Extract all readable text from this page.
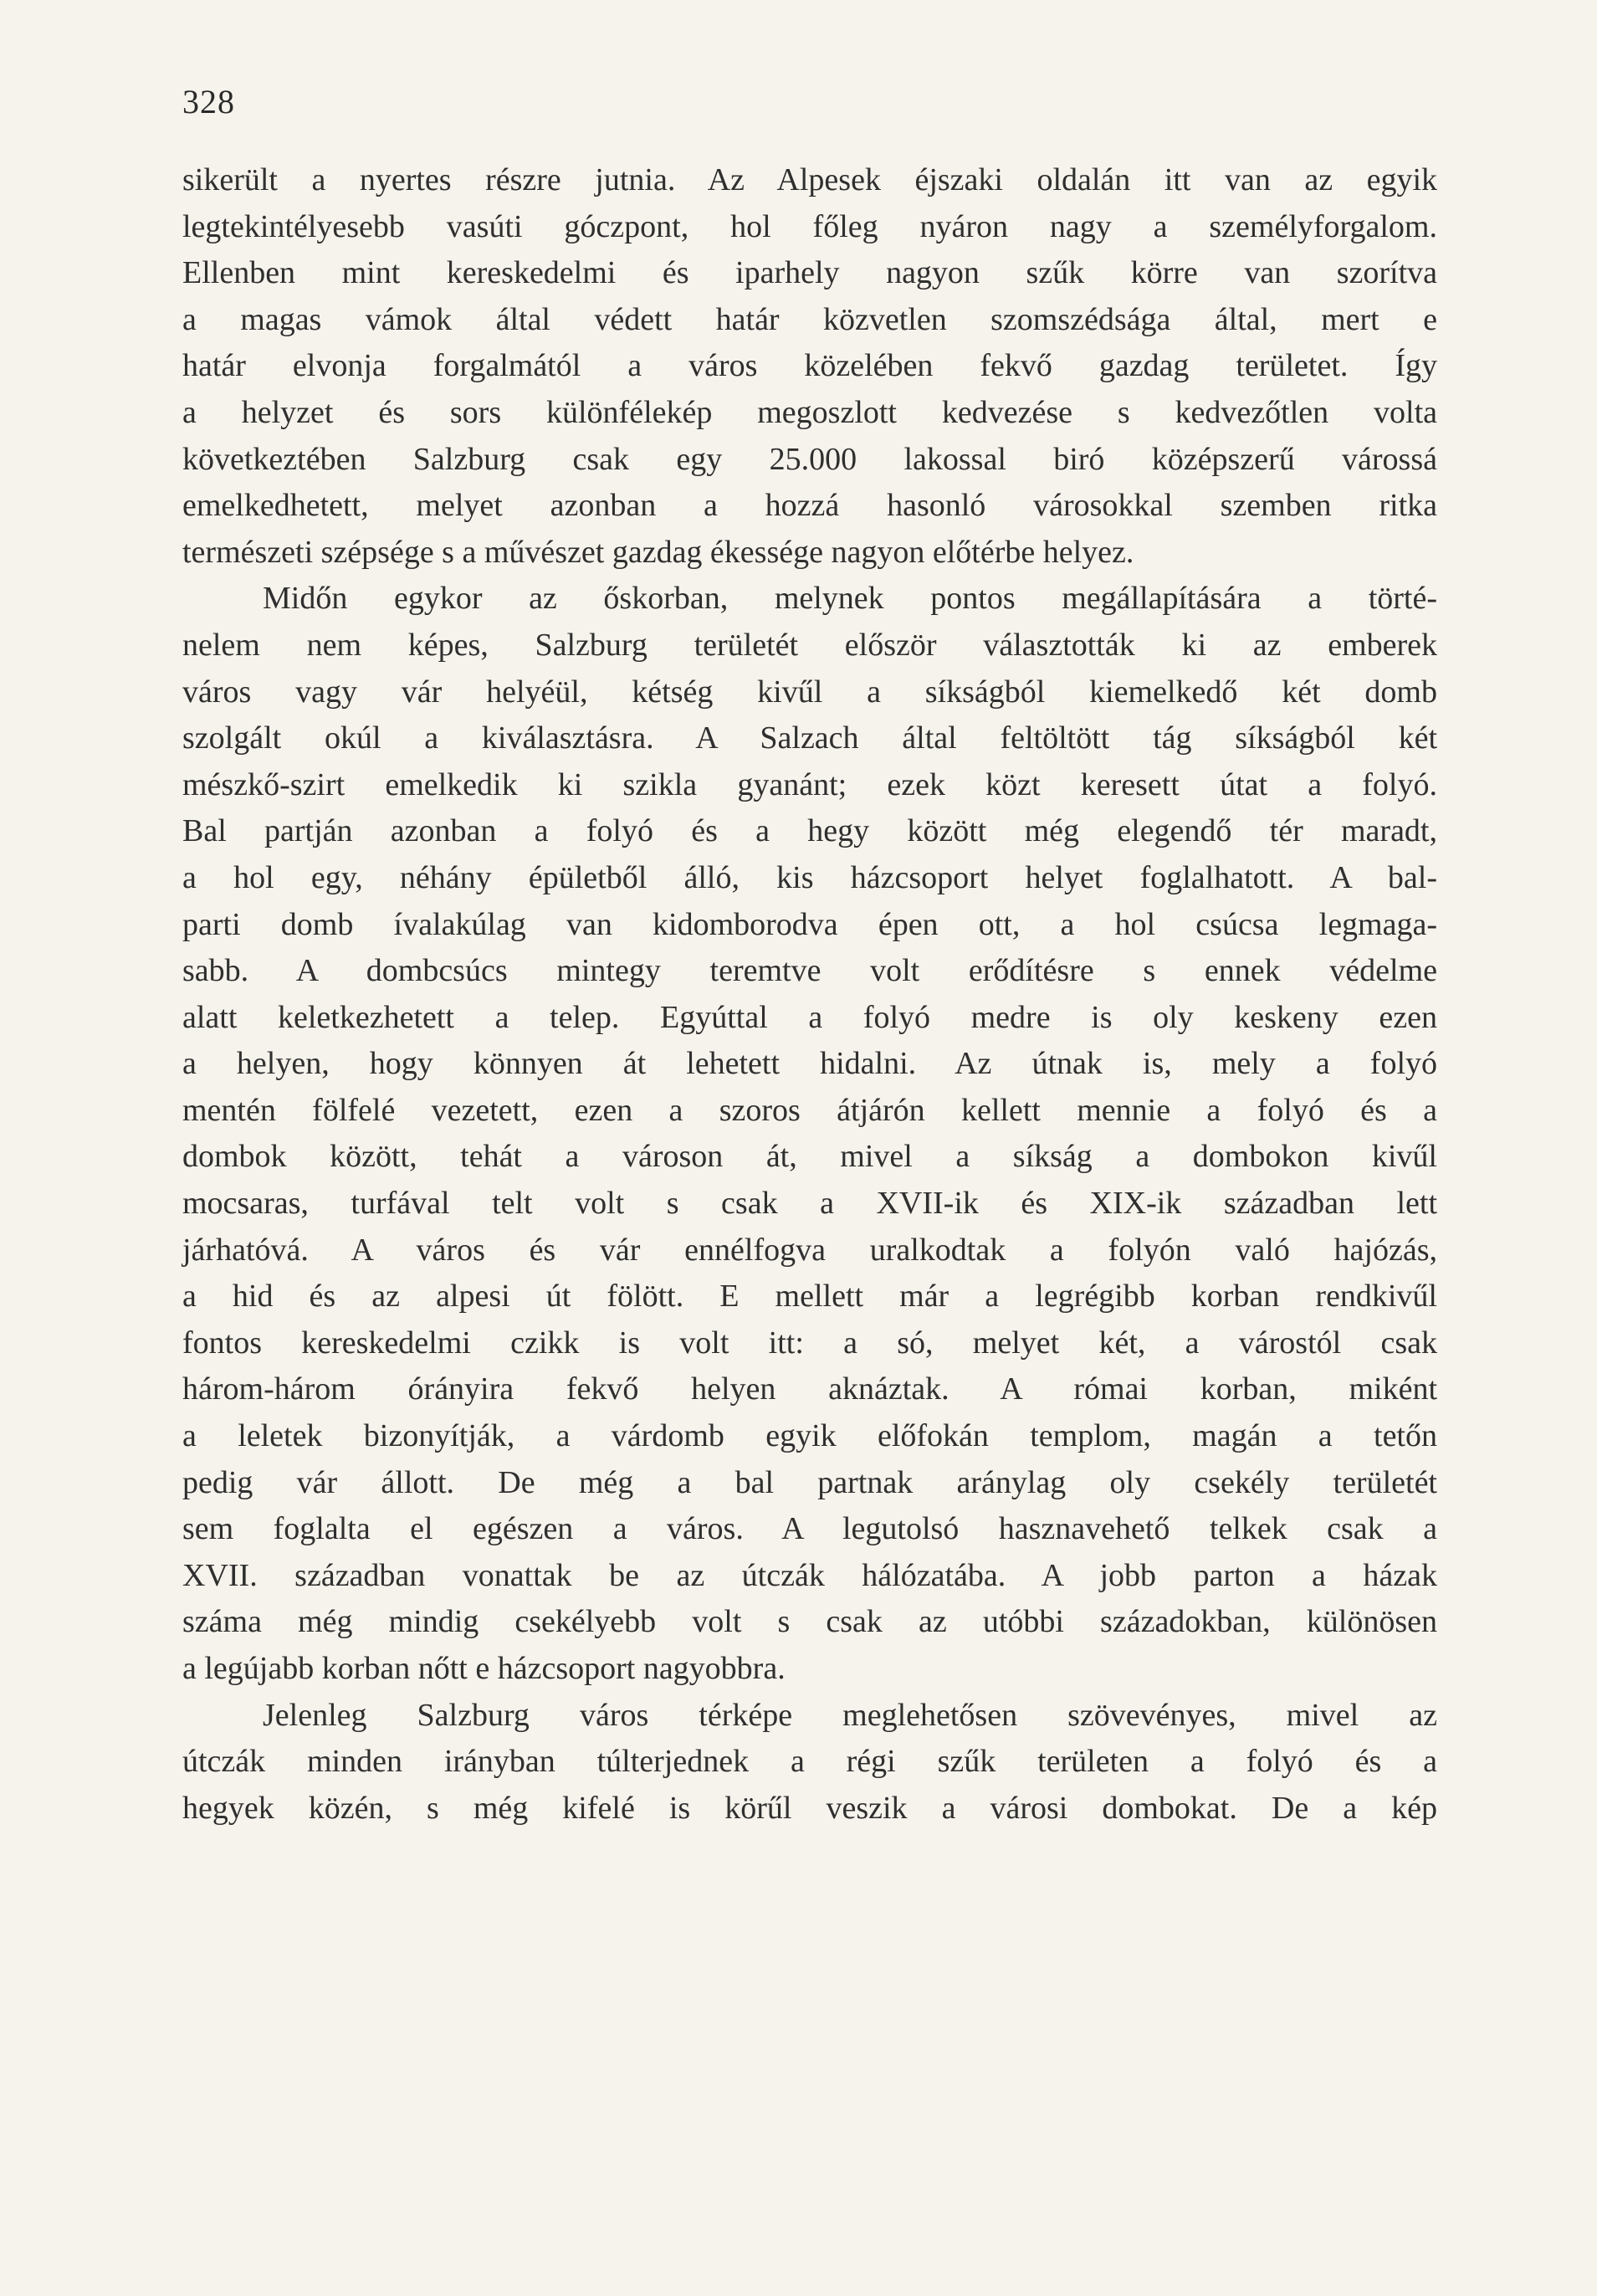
328
sikerült a nyertes részre jutnia. Az Alpesek éjszaki oldalán itt van az egyik
legtekintélyesebb vasúti góczpont, hol főleg nyáron nagy a személyforgalom.
Ellenben mint kereskedelmi és iparhely nagyon szűk körre van szorítva
a magas vámok által védett határ közvetlen szomszédsága által, mert e
határ elvonja forgalmától a város közelében fekvő gazdag területet. Így
a helyzet és sors különfélekép megoszlott kedvezése s kedvezőtlen volta
következtében Salzburg csak egy 25.000 lakossal biró középszerű várossá
emelkedhetett, melyet azonban a hozzá hasonló városokkal szemben ritka
természeti szépsége s a művészet gazdag ékessége nagyon előtérbe helyez.
Midőn egykor az őskorban, melynek pontos megállapítására a törté-
nelem nem képes, Salzburg területét először választották ki az emberek
város vagy vár helyéül, kétség kivűl a síkságból kiemelkedő két domb
szolgált okúl a kiválasztásra. A Salzach által feltöltött tág síkságból két
mészkő-szirt emelkedik ki szikla gyanánt; ezek közt keresett útat a folyó.
Bal partján azonban a folyó és a hegy között még elegendő tér maradt,
a hol egy, néhány épületből álló, kis házcsoport helyet foglalhatott. A bal-
parti domb ívalakúlag van kidomborodva épen ott, a hol csúcsa legmaga-
sabb. A dombcsúcs mintegy teremtve volt erődítésre s ennek védelme
alatt keletkezhetett a telep. Egyúttal a folyó medre is oly keskeny ezen
a helyen, hogy könnyen át lehetett hidalni. Az útnak is, mely a folyó
mentén fölfelé vezetett, ezen a szoros átjárón kellett mennie a folyó és a
dombok között, tehát a városon át, mivel a síkság a dombokon kivűl
mocsaras, turfával telt volt s csak a XVII-ik és XIX-ik században lett
járhatóvá. A város és vár ennélfogva uralkodtak a folyón való hajózás,
a hid és az alpesi út fölött. E mellett már a legrégibb korban rendkivűl
fontos kereskedelmi czikk is volt itt: a só, melyet két, a várostól csak
három-három órányira fekvő helyen aknáztak. A római korban, miként
a leletek bizonyítják, a várdomb egyik előfokán templom, magán a tetőn
pedig vár állott. De még a bal partnak aránylag oly csekély területét
sem foglalta el egészen a város. A legutolsó hasznavehető telkek csak a
XVII. században vonattak be az útczák hálózatába. A jobb parton a házak
száma még mindig csekélyebb volt s csak az utóbbi századokban, különösen
a legújabb korban nőtt e házcsoport nagyobbra.
Jelenleg Salzburg város térképe meglehetősen szövevényes, mivel az
útczák minden irányban túlterjednek a régi szűk területen a folyó és a
hegyek közén, s még kifelé is körűl veszik a városi dombokat. De a kép
